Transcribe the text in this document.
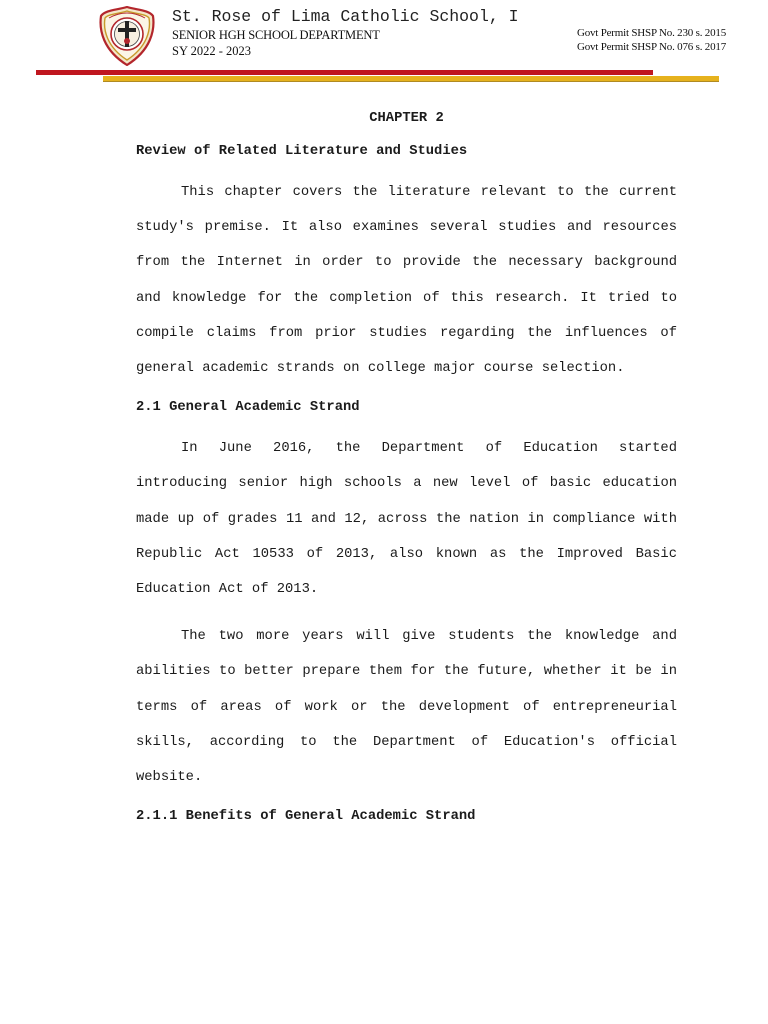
St. Rose of Lima Catholic School, I
SENIOR HGH SCHOOL DEPARTMENT
SY 2022 - 2023
Govt Permit SHSP No. 230 s. 2015
Govt Permit SHSP No. 076 s. 2017

CHAPTER 2

Review of Related Literature and Studies

This chapter covers the literature relevant to the current study's premise. It also examines several studies and resources from the Internet in order to provide the necessary background and knowledge for the completion of this research. It tried to compile claims from prior studies regarding the influences of general academic strands on college major course selection.

2.1 General Academic Strand

In June 2016, the Department of Education started introducing senior high schools a new level of basic education made up of grades 11 and 12, across the nation in compliance with Republic Act 10533 of 2013, also known as the Improved Basic Education Act of 2013.

The two more years will give students the knowledge and abilities to better prepare them for the future, whether it be in terms of areas of work or the development of entrepreneurial skills, according to the Department of Education's official website.

2.1.1 Benefits of General Academic Strand
